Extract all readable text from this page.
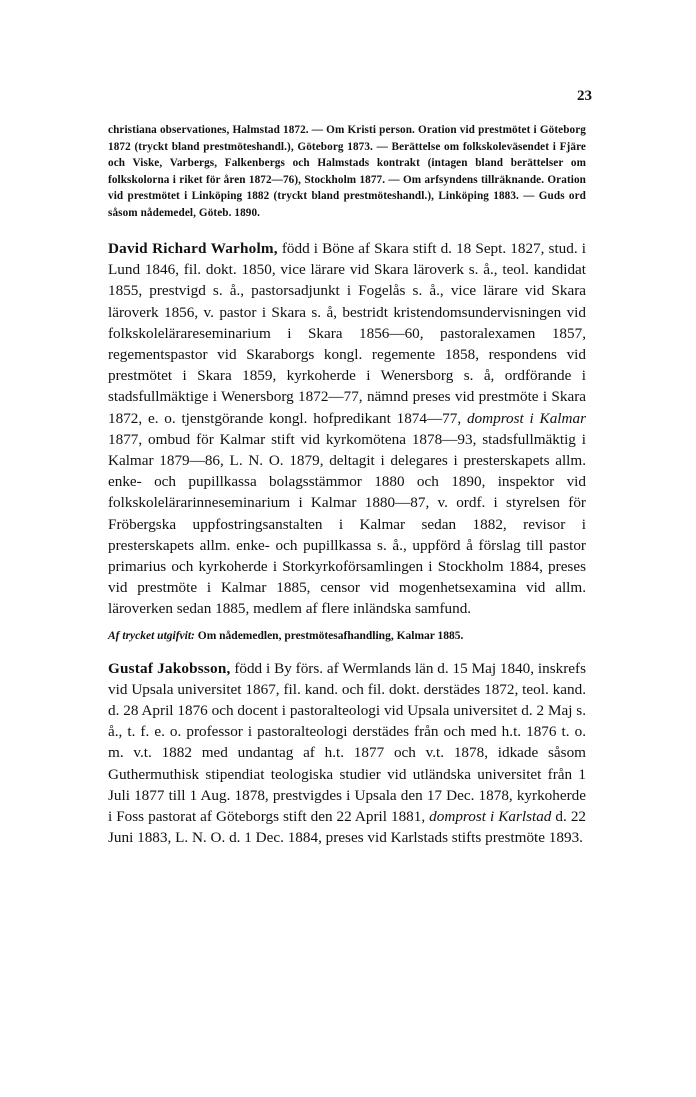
23
christiana observationes, Halmstad 1872. — Om Kristi person. Oration vid prestmötet i Göteborg 1872 (tryckt bland prestmöteshandl.), Göteborg 1873. — Berättelse om folkskoleväsendet i Fjäre och Viske, Varbergs, Falkenbergs och Halmstads kontrakt (intagen bland berättelser om folkskolorna i riket för åren 1872—76), Stockholm 1877. — Om arfsyndens tillräknande. Oration vid prestmötet i Linköping 1882 (tryckt bland prestmöteshandl.), Linköping 1883. — Guds ord såsom nådemedel, Göteb. 1890.
David Richard Warholm, född i Böne af Skara stift d. 18 Sept. 1827, stud. i Lund 1846, fil. dokt. 1850, vice lärare vid Skara läroverk s. å., teol. kandidat 1855, prestvigd s. å., pastorsadjunkt i Fogelås s. å., vice lärare vid Skara läroverk 1856, v. pastor i Skara s. å, bestridt kristendomsundervisningen vid folkskolelärareseminarium i Skara 1856—60, pastoralexamen 1857, regementspastor vid Skaraborgs kongl. regemente 1858, respondens vid prestmötet i Skara 1859, kyrkoherde i Wenersborg s. å, ordförande i stadsfullmäktige i Wenersborg 1872—77, nämnd preses vid prestmöte i Skara 1872, e. o. tjenstgörande kongl. hofpredikant 1874—77, domprost i Kalmar 1877, ombud för Kalmar stift vid kyrkomötena 1878—93, stadsfullmäktig i Kalmar 1879—86, L. N. O. 1879, deltagit i delegares i presterskapets allm. enke- och pupillkassa bolagsstämmor 1880 och 1890, inspektor vid folkskolelärarinneseminarium i Kalmar 1880—87, v. ordf. i styrelsen för Fröbergska uppfostringsanstalten i Kalmar sedan 1882, revisor i presterskapets allm. enke- och pupillkassa s. å., uppförd å förslag till pastor primarius och kyrkoherde i Storkyrkoförsamlingen i Stockholm 1884, preses vid prestmöte i Kalmar 1885, censor vid mogenhetsexamina vid allm. läroverken sedan 1885, medlem af flere inländska samfund.
Af trycket utgifvit: Om nådemedlen, prestmötesafhandling, Kalmar 1885.
Gustaf Jakobsson, född i By förs. af Wermlands län d. 15 Maj 1840, inskrefs vid Upsala universitet 1867, fil. kand. och fil. dokt. derstädes 1872, teol. kand. d. 28 April 1876 och docent i pastoralteologi vid Upsala universitet d. 2 Maj s. å., t. f. e. o. professor i pastoralteologi derstädes från och med h.t. 1876 t. o. m. v.t. 1882 med undantag af h.t. 1877 och v.t. 1878, idkade såsom Guthermuthisk stipendiat teologiska studier vid utländska universitet från 1 Juli 1877 till 1 Aug. 1878, prestvigdes i Upsala den 17 Dec. 1878, kyrkoherde i Foss pastorat af Göteborgs stift den 22 April 1881, domprost i Karlstad d. 22 Juni 1883, L. N. O. d. 1 Dec. 1884, preses vid Karlstads stifts prestmöte 1893.
